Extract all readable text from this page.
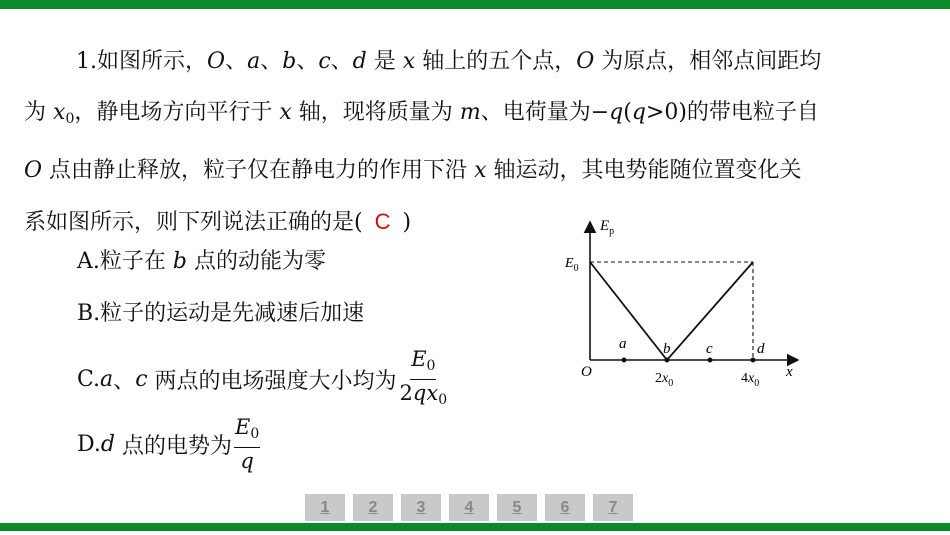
1.如图所示，O、a、b、c、d 是 x 轴上的五个点，O 为原点，相邻点间距均

为 $x_0$，静电场方向平行于 x 轴，现将质量为 m、电荷量为−q(q>0)的带电粒子自

O 点由静止释放，粒子仅在静电力的作用下沿 x 轴运动，其电势能随位置变化关

系如图所示，则下列说法正确的是( C )

A.粒子在 b 点的动能为零
B.粒子的运动是先减速后加速
C. a 、 c
两点的电场强度大小均为 $\frac{E_0}{2qx_0}$
D. d
点的电势为 $\frac{E_0}{q}$
$E_p$
$E_0$
O	x
a b c	d
$2x_0$	$4x_0$
1	2	3	4	5	6	7
